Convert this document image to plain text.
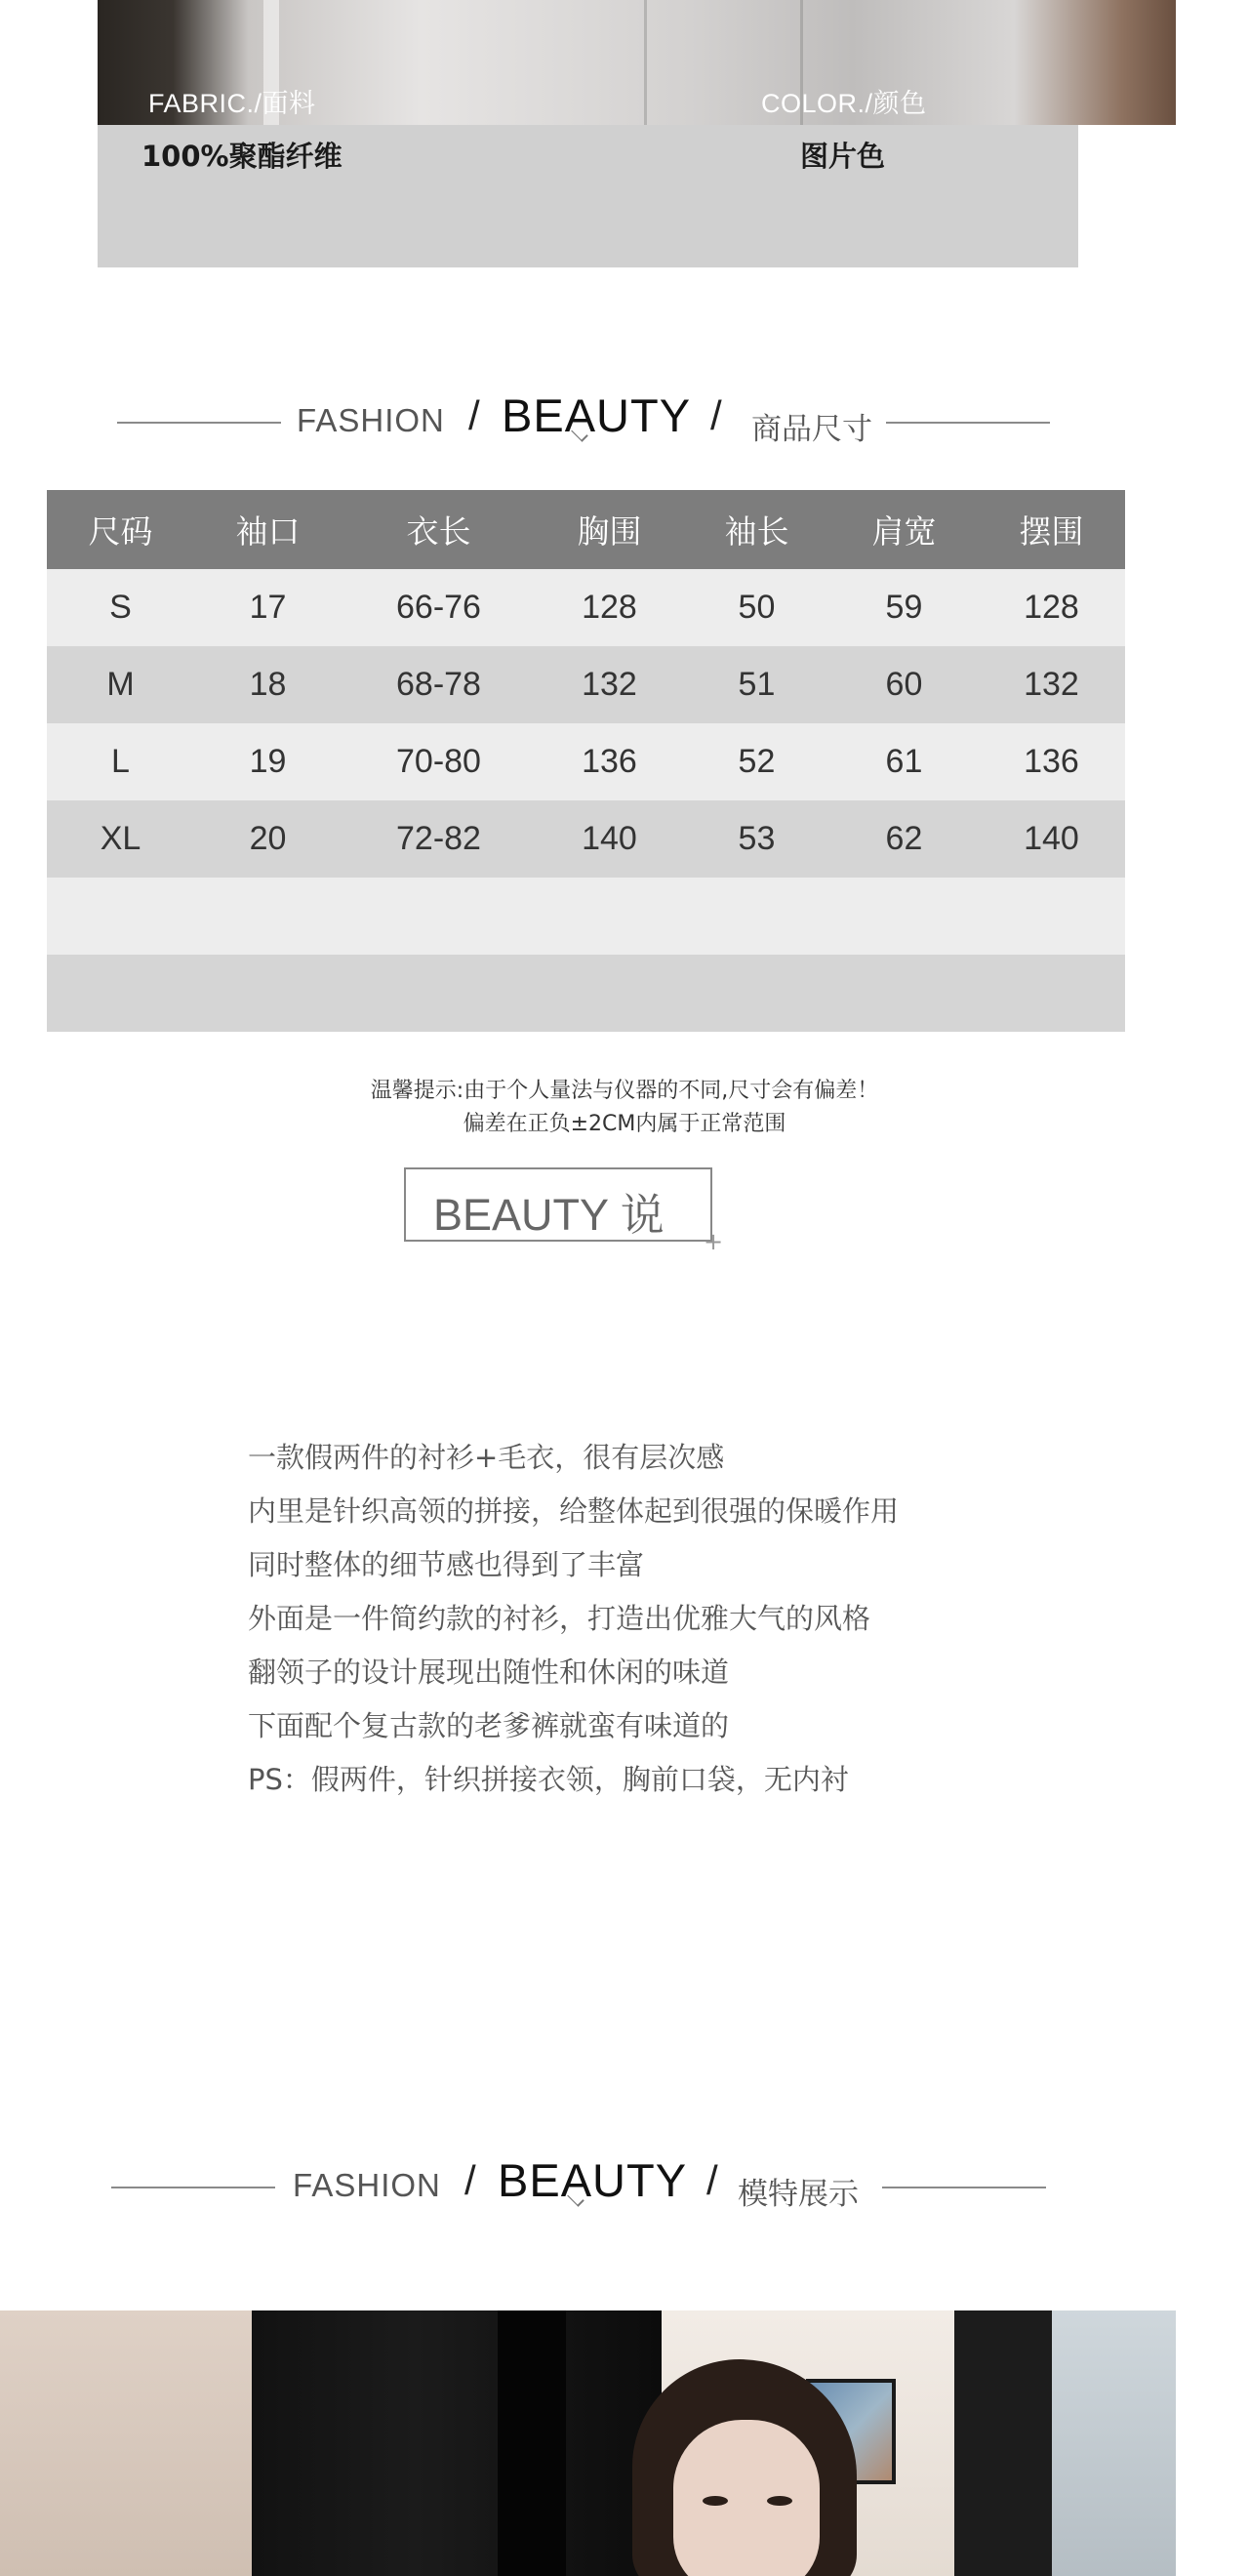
FABRIC./面料	COLOR./颜色
100%聚酯纤维	图片色
FASHION / BEAUTY / 商品尺寸
尺码	袖口	衣长	胸围	袖长	肩宽	摆围
S	17	66-76	128	50	59	128
M	18	68-78	132	51	60	132
L	19	70-80	136	52	61	136
XL	20	72-82	140	53	62	140

温馨提示:由于个人量法与仪器的不同,尺寸会有偏差！
偏差在正负±2CM内属于正常范围
BEAUTY 说
+
一款假两件的衬衫+毛衣，很有层次感
内里是针织高领的拼接，给整体起到很强的保暖作用
同时整体的细节感也得到了丰富
外面是一件简约款的衬衫，打造出优雅大气的风格
翻领子的设计展现出随性和休闲的味道
下面配个复古款的老爹裤就蛮有味道的
PS：假两件，针织拼接衣领，胸前口袋，无内衬
FASHION / BEAUTY / 模特展示
